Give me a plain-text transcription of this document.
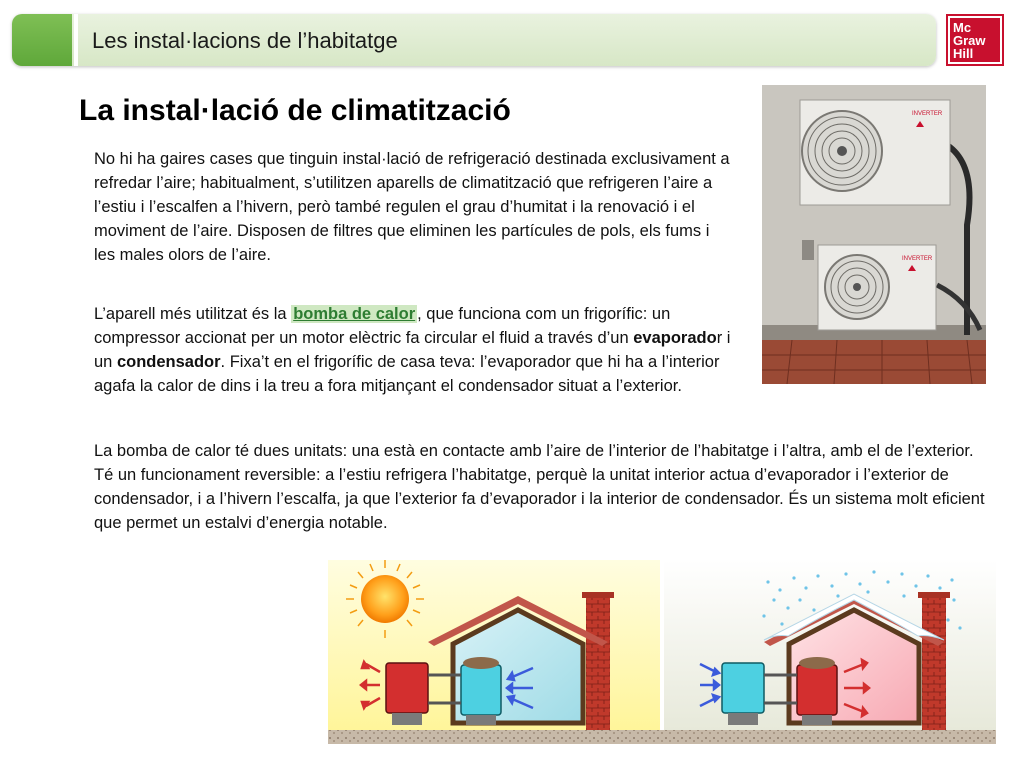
Les instal·lacions de l’habitatge
Mc
Graw
Hill
La instal·lació de climatització

No hi ha gaires cases que tinguin instal·lació de refrigeració destinada exclusivament a refredar l’aire; habitualment, s’utilitzen aparells de climatització que refrigeren l’aire a l’estiu i l’escalfen a l’hivern, però també regulen el grau d’humitat i la renovació i el moviment de l’aire. Disposen de filtres que eliminen les partícules de pols, els fums i les males olors de l’aire.

L’aparell més utilitzat és la bomba de calor , que funciona com un frigorífic: un compressor accionat per un motor elèctric fa circular el fluid a través d’un evaporador i un condensador. Fixa’t en el frigorífic de casa teva: l’evaporador que hi ha a l’interior agafa la calor de dins i la treu a fora mitjançant el condensador situat a l’exterior.

La bomba de calor té dues unitats: una està en contacte amb l’aire de l’interior de l’habitatge i l’altra, amb el de l’exterior. Té un funcionament reversible: a l’estiu refrigera l’habitatge, perquè la unitat interior actua d’evaporador i l’exterior de condensador, i a l’hivern l’escalfa, ja que l’exterior fa d’evaporador i la interior de condensador. És un sistema molt eficient que permet un estalvi d’energia notable.

INVERTER
INVERTER
